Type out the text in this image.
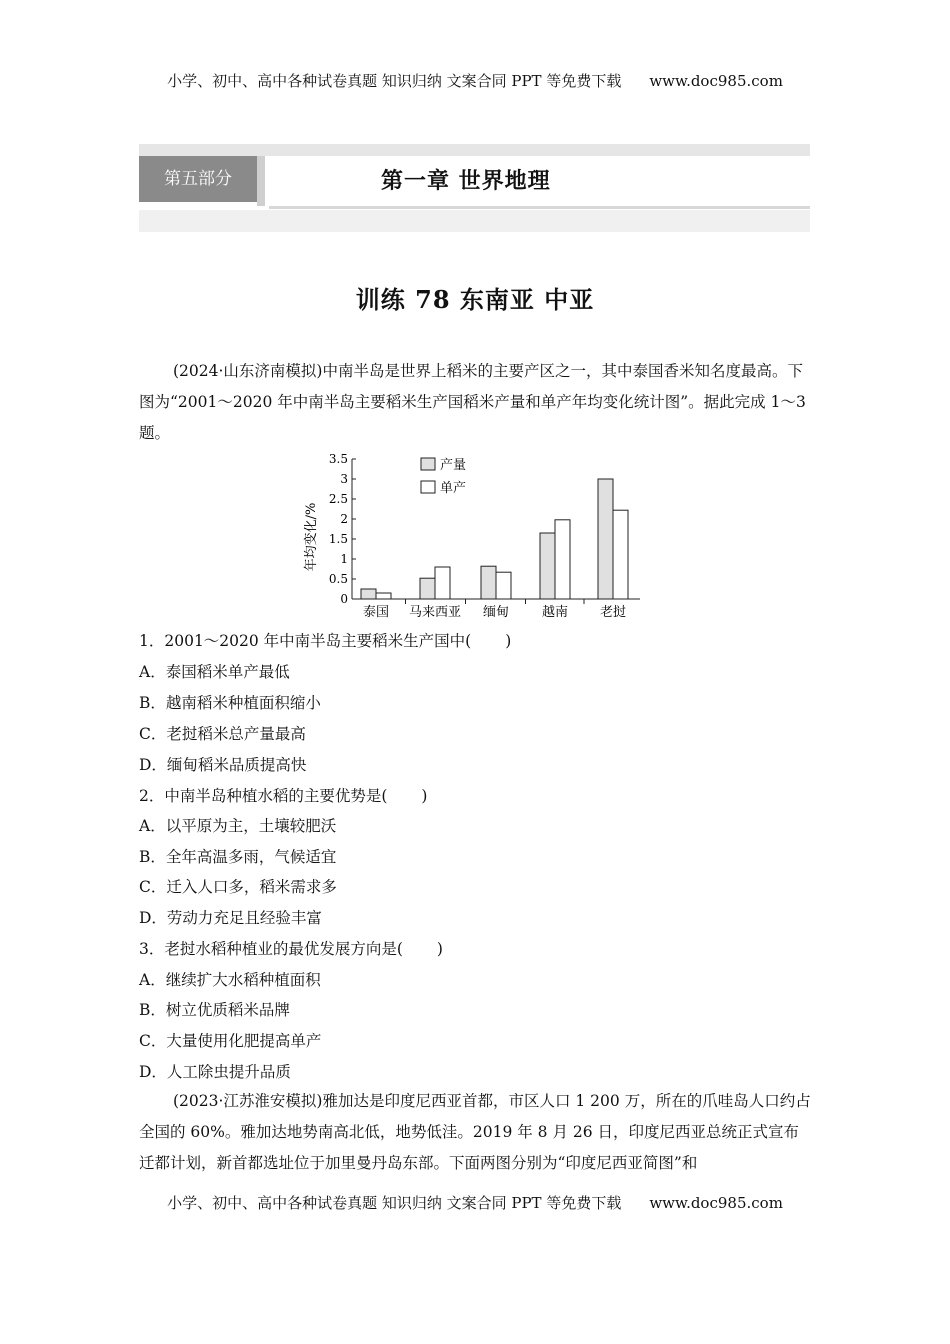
小学、初中、高中各种试卷真题 知识归纳 文案合同 PPT 等免费下载 www.doc985.com
第五部分	第一章 世界地理
训练 78 东南亚 中亚
(2024·山东济南模拟)中南半岛是世界上稻米的主要产区之一，其中泰国香米知名度最高。下图为“2001～2020 年中南半岛主要稻米生产国稻米产量和单产年均变化统计图”。据此完成 1～3 题。
0
0.5
1
1.5
2
2.5
3
3.5
泰国 马来西亚 缅甸	越南 老挝
产量
单产
年均变化/%
1．2001～2020 年中南半岛主要稻米生产国中( )
A．泰国稻米单产最低
B．越南稻米种植面积缩小
C．老挝稻米总产量最高
D．缅甸稻米品质提高快
2．中南半岛种植水稻的主要优势是( )
A．以平原为主，土壤较肥沃
B．全年高温多雨，气候适宜
C．迁入人口多，稻米需求多
D．劳动力充足且经验丰富
3．老挝水稻种植业的最优发展方向是( )
A．继续扩大水稻种植面积
B．树立优质稻米品牌
C．大量使用化肥提高单产
D．人工除虫提升品质
(2023·江苏淮安模拟)雅加达是印度尼西亚首都，市区人口 1 200 万，所在的爪哇岛人口约占全国的 60%。雅加达地势南高北低，地势低洼。2019 年 8 月 26 日，印度尼西亚总统正式宣布迁都计划，新首都选址位于加里曼丹岛东部。下面两图分别为“印度尼西亚简图”和
小学、初中、高中各种试卷真题 知识归纳 文案合同 PPT 等免费下载 www.doc985.com
